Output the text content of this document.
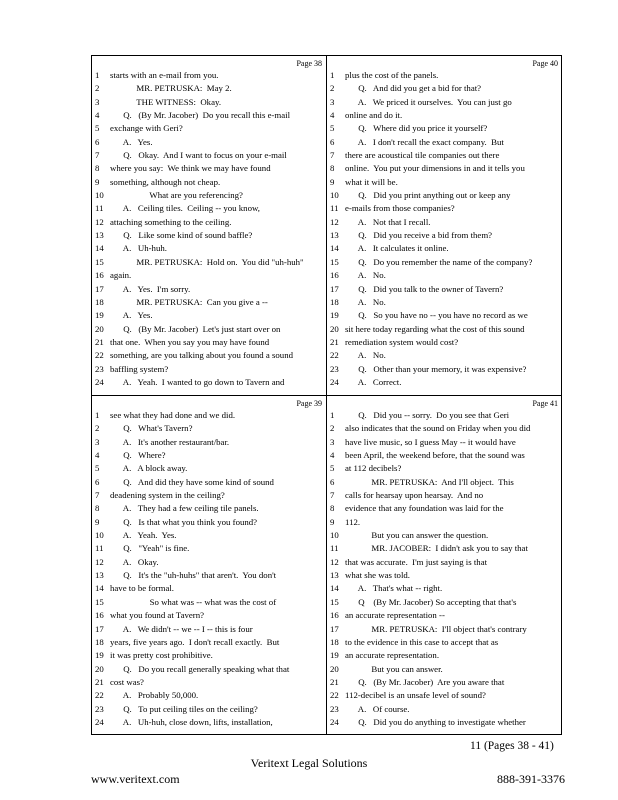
Page 38
1	starts with an e-mail from you.
2	MR. PETRUSKA:  May 2.
3	THE WITNESS:  Okay.
4	Q.   (By Mr. Jacober)  Do you recall this e-mail
5	exchange with Geri?
6	A.   Yes.
7	Q.   Okay.  And I want to focus on your e-mail
8	where you say:  We think we may have found
9	something, although not cheap.
10 What are you referencing?
11 A.   Ceiling tiles.  Ceiling -- you know,
12 attaching something to the ceiling.
13 Q.   Like some kind of sound baffle?
14 A.   Uh-huh.
15 MR. PETRUSKA:  Hold on.  You did "uh-huh"
16 again.
17 A.   Yes.  I'm sorry.
18 MR. PETRUSKA:  Can you give a --
19 A.   Yes.
20 Q.   (By Mr. Jacober)  Let's just start over on
21 that one.  When you say you may have found
22 something, are you talking about you found a sound
23 baffling system?
24 A.   Yeah.  I wanted to go down to Tavern and
Page 40
1	plus the cost of the panels.
2	Q.   And did you get a bid for that?
3	A.   We priced it ourselves.  You can just go
4	online and do it.
5	Q.   Where did you price it yourself?
6	A.   I don't recall the exact company.  But
7	there are acoustical tile companies out there
8	online.  You put your dimensions in and it tells you
9	what it will be.
10 Q.   Did you print anything out or keep any
11 e-mails from those companies?
12 A.   Not that I recall.
13 Q.   Did you receive a bid from them?
14 A.   It calculates it online.
15 Q.   Do you remember the name of the company?
16 A.   No.
17 Q.   Did you talk to the owner of Tavern?
18 A.   No.
19 Q.   So you have no -- you have no record as we
20 sit here today regarding what the cost of this sound
21 remediation system would cost?
22 A.   No.
23 Q.   Other than your memory, it was expensive?
24 A.   Correct.
Page 39
1	see what they had done and we did.
2	Q.   What's Tavern?
3	A.   It's another restaurant/bar.
4	Q.   Where?
5	A.   A block away.
6	Q.   And did they have some kind of sound
7	deadening system in the ceiling?
8	A.   They had a few ceiling tile panels.
9	Q.   Is that what you think you found?
10 A.   Yeah.  Yes.
11 Q.   "Yeah" is fine.
12 A.   Okay.
13 Q.   It's the "uh-huhs" that aren't.  You don't
14 have to be formal.
15 So what was -- what was the cost of
16 what you found at Tavern?
17 A.   We didn't -- we -- I -- this is four
18 years, five years ago.  I don't recall exactly.  But
19 it was pretty cost prohibitive.
20 Q.   Do you recall generally speaking what that
21 cost was?
22 A.   Probably 50,000.
23 Q.   To put ceiling tiles on the ceiling?
24 A.   Uh-huh, close down, lifts, installation,
Page 41
1	Q.   Did you -- sorry.  Do you see that Geri
2	also indicates that the sound on Friday when you did
3	have live music, so I guess May -- it would have
4	been April, the weekend before, that the sound was
5	at 112 decibels?
6	MR. PETRUSKA:  And I'll object.  This
7	calls for hearsay upon hearsay.  And no
8	evidence that any foundation was laid for the
9	112.
10 But you can answer the question.
11 MR. JACOBER:  I didn't ask you to say that
12 that was accurate.  I'm just saying is that
13 what she was told.
14 A.   That's what -- right.
15 Q    (By Mr. Jacober) So accepting that that's
16 an accurate representation --
17 MR. PETRUSKA:  I'll object that's contrary
18 to the evidence in this case to accept that as
19 an accurate representation.
20 But you can answer.
21 Q.   (By Mr. Jacober)  Are you aware that
22 112-decibel is an unsafe level of sound?
23 A.   Of course.
24 Q.   Did you do anything to investigate whether
11 (Pages 38 - 41)
Veritext Legal Solutions
www.veritext.com	888-391-3376
